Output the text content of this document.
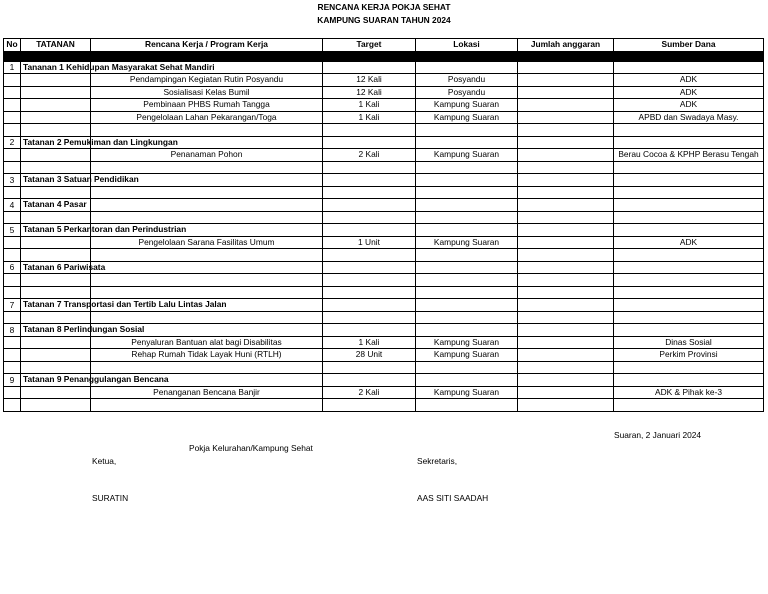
RENCANA KERJA POKJA SEHAT
KAMPUNG SUARAN TAHUN 2024
No	TATANAN	Rencana Kerja / Program Kerja	Target	Lokasi	Jumlah anggaran	Sumber Dana

1	Tananan 1 Kehidupan Masyarakat Sehat Mandiri					
		Pendampingan Kegiatan Rutin Posyandu	12 Kali	Posyandu		ADK
		Sosialisasi Kelas Bumil	12 Kali	Posyandu		ADK
		Pembinaan PHBS Rumah Tangga	1 Kali	Kampung Suaran		ADK
		Pengelolaan Lahan Pekarangan/Toga	1 Kali	Kampung Suaran		APBD dan Swadaya Masy.

2	Tatanan 2 Pemukiman dan Lingkungan					
		Penanaman Pohon	2 Kali	Kampung Suaran		Berau Cocoa & KPHP Berasu Tengah

3	Tatanan 3 Satuan Pendidikan					

4	Tatanan 4 Pasar					

5	Tatanan 5 Perkantoran dan Perindustrian					
		Pengelolaan Sarana Fasilitas Umum	1 Unit	Kampung Suaran		ADK

6	Tatanan 6 Pariwisata					

7	Tatanan 7 Transportasi dan Tertib Lalu Lintas Jalan					

8	Tatanan 8 Perlindungan Sosial					
		Penyaluran Bantuan alat bagi Disabilitas	1 Kali	Kampung Suaran		Dinas Sosial
		Rehap Rumah Tidak Layak Huni (RTLH)	28 Unit	Kampung Suaran		Perkim Provinsi

9	Tatanan 9 Penanggulangan Bencana					
		Penanganan Bencana Banjir	2 Kali	Kampung Suaran		ADK & Pihak ke-3

Suaran, 2 Januari 2024
Pokja Kelurahan/Kampung Sehat
Ketua,	Sekretaris,
SURATIN	AAS SITI SAADAH
